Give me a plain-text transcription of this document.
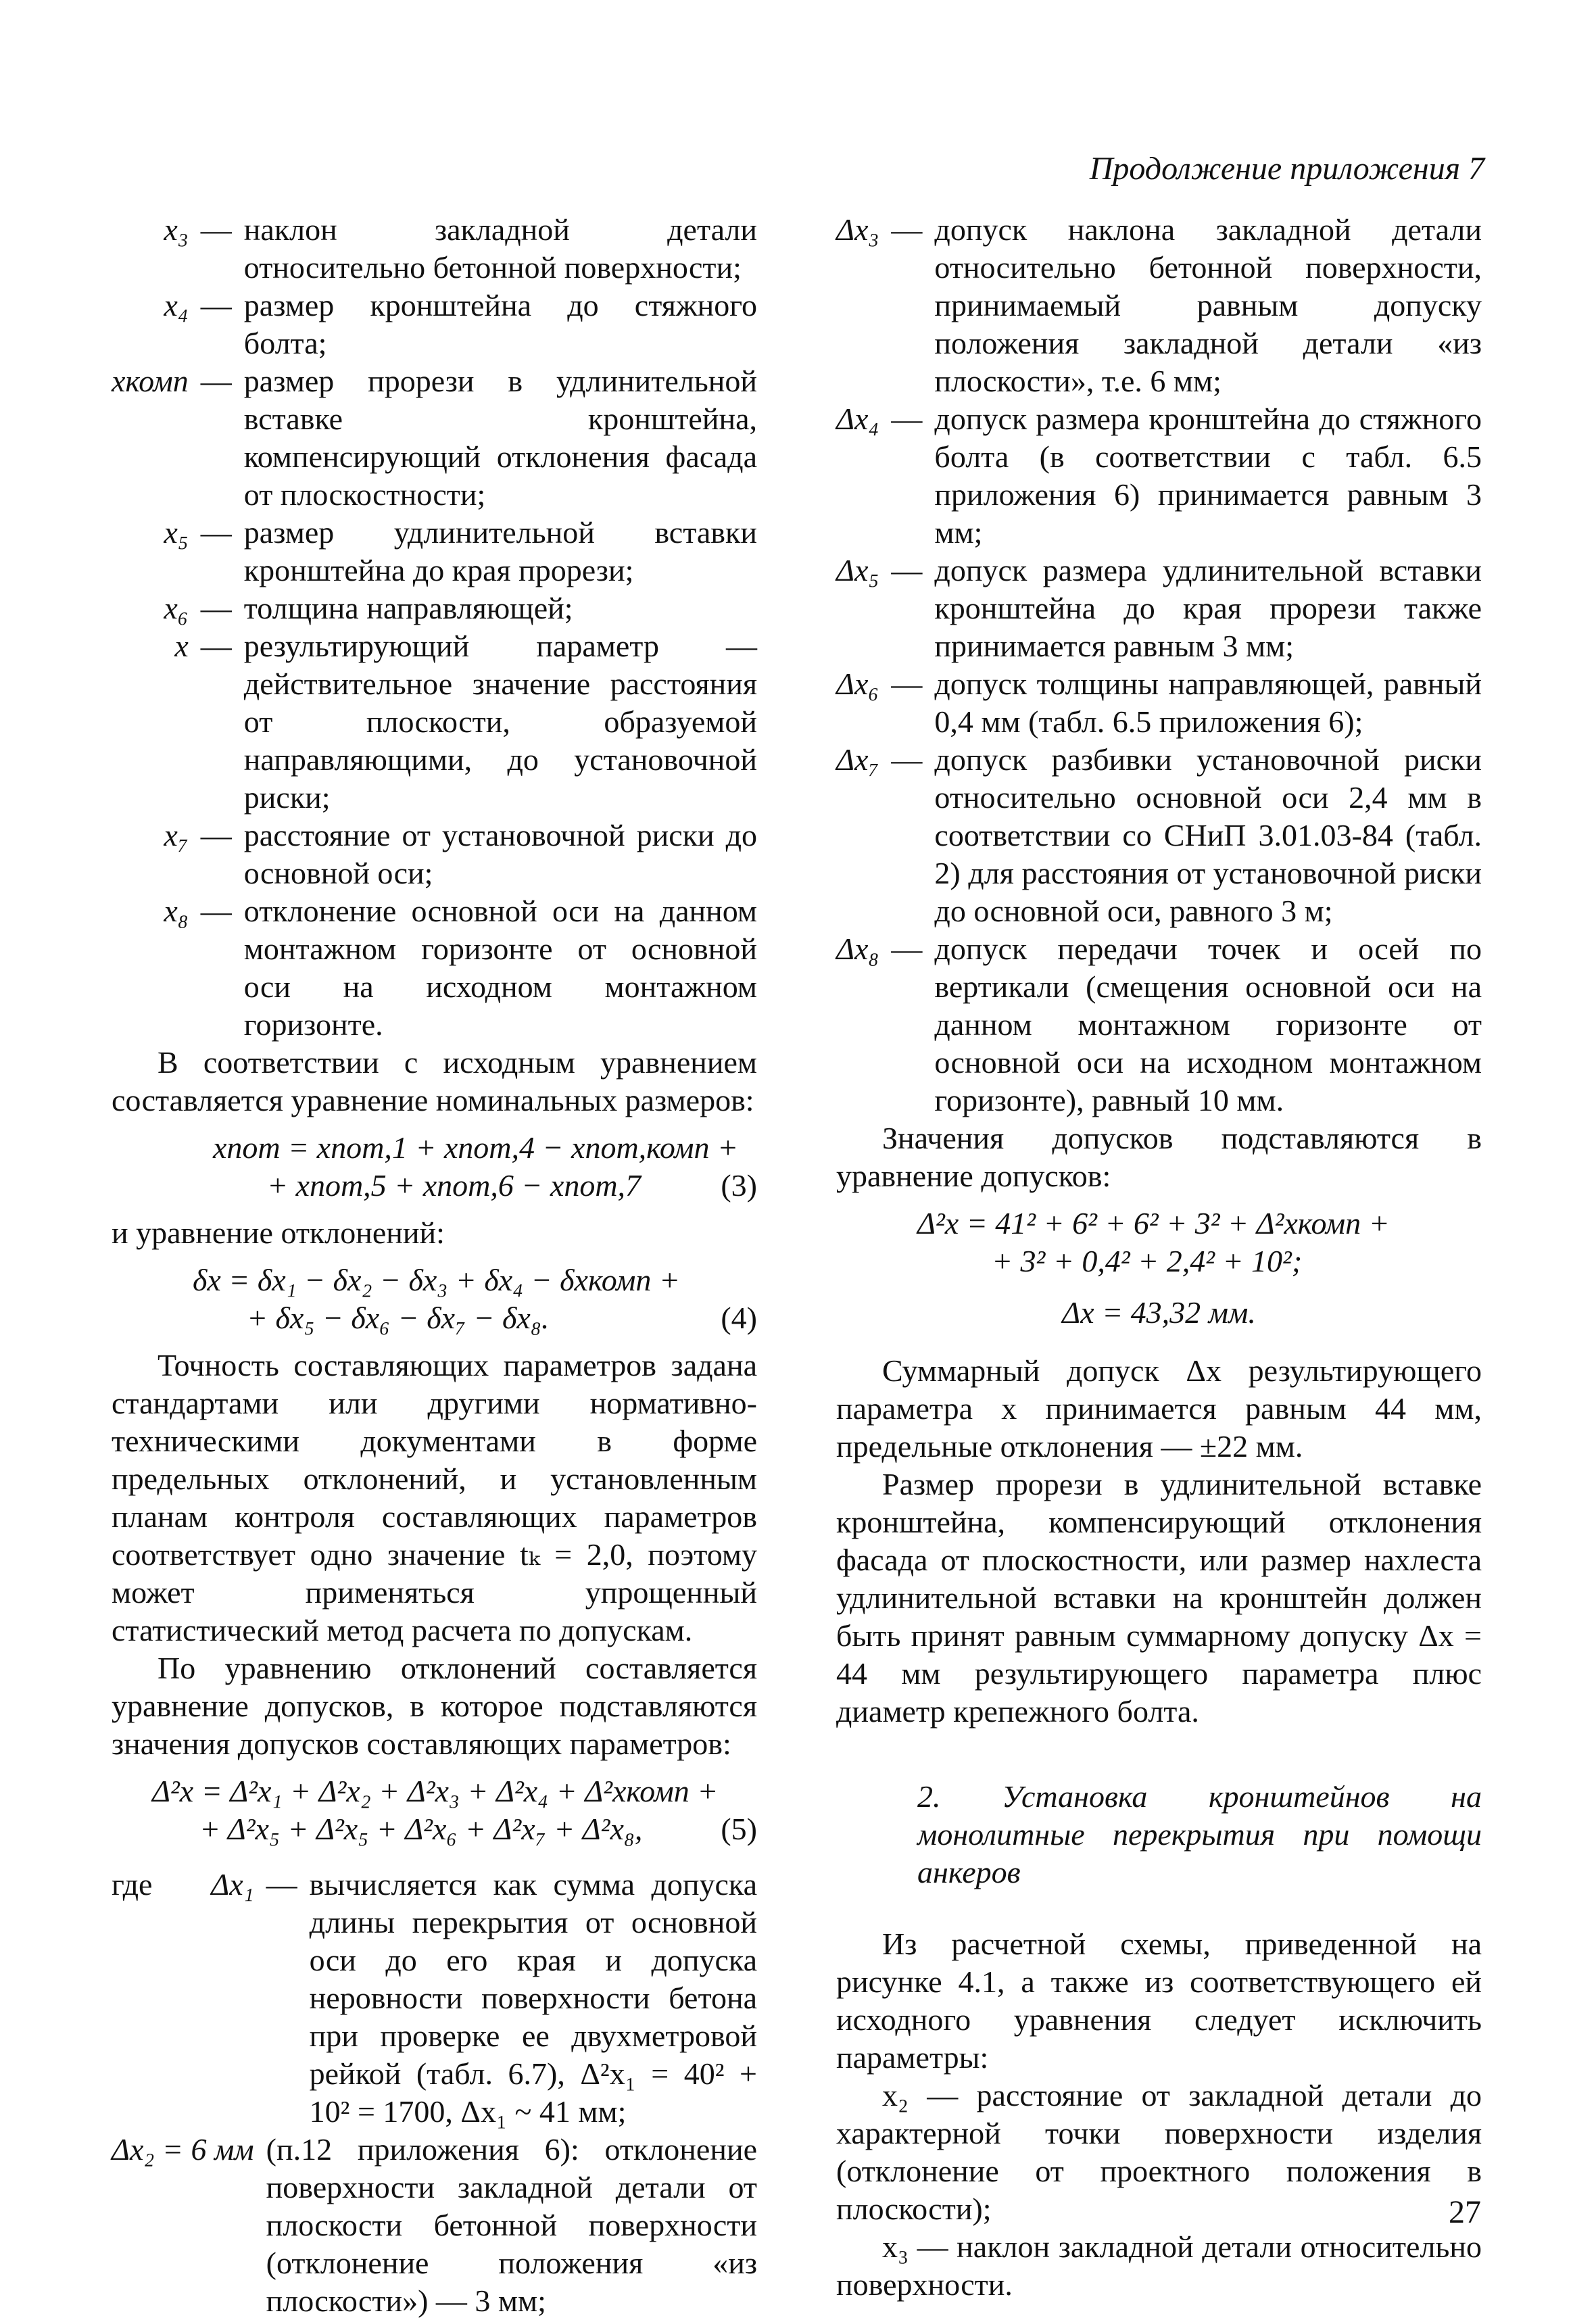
Продолжение приложения 7
x₃ — наклон закладной детали относительно бетонной поверхности;
x₄ — размер кронштейна до стяжного болта;
xкомп — размер прорези в удлинительной вставке кронштейна, компенсирующий отклонения фасада от плоскостности;
x₅ — размер удлинительной вставки кронштейна до края прорези;
x₆ — толщина направляющей;
x — результирующий параметр — действительное значение расстояния от плоскости, образуемой направляющими, до установочной риски;
x₇ — расстояние от установочной риски до основной оси;
x₈ — отклонение основной оси на данном монтажном горизонте от основной оси на исходном монтажном горизонте.

В соответствии с исходным уравнением составляется уравнение номинальных размеров:

xnom = xnom,1 + xnom,4 − xnom,комп +
+ xnom,5 + xnom,6 − xnom,7	(3)

и уравнение отклонений:

δx = δx₁ − δx₂ − δx₃ + δx₄ − δxкомп +
+ δx₅ − δx₆ − δx₇ − δx₈.	(4)

Точность составляющих параметров задана стандартами или другими нормативно-техническими документами в форме предельных отклонений, и установленным планам контроля составляющих параметров соответствует одно значение tₖ = 2,0, поэтому может применяться упрощенный статистический метод расчета по допускам.

По уравнению отклонений составляется уравнение допусков, в которое подставляются значения допусков составляющих параметров:

Δ²x = Δ²x₁ + Δ²x₂ + Δ²x₃ + Δ²x₄ + Δ²xкомп +
+ Δ²x₅ + Δ²x₅ + Δ²x₆ + Δ²x₇ + Δ²x₈,	(5)
где	Δx₁ — вычисляется как сумма допуска длины перекрытия от основной оси до его края и допуска неровности поверхности бетона при проверке ее двухметровой рейкой (табл. 6.7), Δ²x₁ = 40² + 10² = 1700, Δx₁ ~ 41 мм;
Δx₂ = 6 мм (п.12 приложения 6): отклонение поверхности закладной детали от плоскости бетонной поверхности (отклонение положения «из плоскости») — 3 мм;
Δx₃ — допуск наклона закладной детали относительно бетонной поверхности, принимаемый равным допуску положения закладной детали «из плоскости», т.е. 6 мм;
Δx₄ — допуск размера кронштейна до стяжного болта (в соответствии с табл. 6.5 приложения 6) принимается равным 3 мм;
Δx₅ — допуск размера удлинительной вставки кронштейна до края прорези также принимается равным 3 мм;
Δx₆ — допуск толщины направляющей, равный 0,4 мм (табл. 6.5 приложения 6);
Δx₇ — допуск разбивки установочной риски относительно основной оси 2,4 мм в соответствии со СНиП 3.01.03-84 (табл. 2) для расстояния от установочной риски до основной оси, равного 3 м;
Δx₈ — допуск передачи точек и осей по вертикали (смещения основной оси на данном монтажном горизонте от основной оси на исходном монтажном горизонте), равный 10 мм.

Значения допусков подставляются в уравнение допусков:

Δ²x = 41² + 6² + 6² + 3² + Δ²xкомп +
+ 3² + 0,4² + 2,4² + 10²;
Δx = 43,32 мм.

Суммарный допуск Δx результирующего параметра x принимается равным 44 мм, предельные отклонения — ±22 мм.

Размер прорези в удлинительной вставке кронштейна, компенсирующий отклонения фасада от плоскостности, или размер нахлеста удлинительной вставки на кронштейн должен быть принят равным суммарному допуску Δx = 44 мм результирующего параметра плюс диаметр крепежного болта.

2. Установка кронштейнов на монолитные перекрытия при помощи анкеров

Из расчетной схемы, приведенной на рисунке 4.1, а также из соответствующего ей исходного уравнения следует исключить параметры:

x₂ — расстояние от закладной детали до характерной точки поверхности изделия (отклонение от проектного положения в плоскости);

x₃ — наклон закладной детали относительно поверхности.

27
